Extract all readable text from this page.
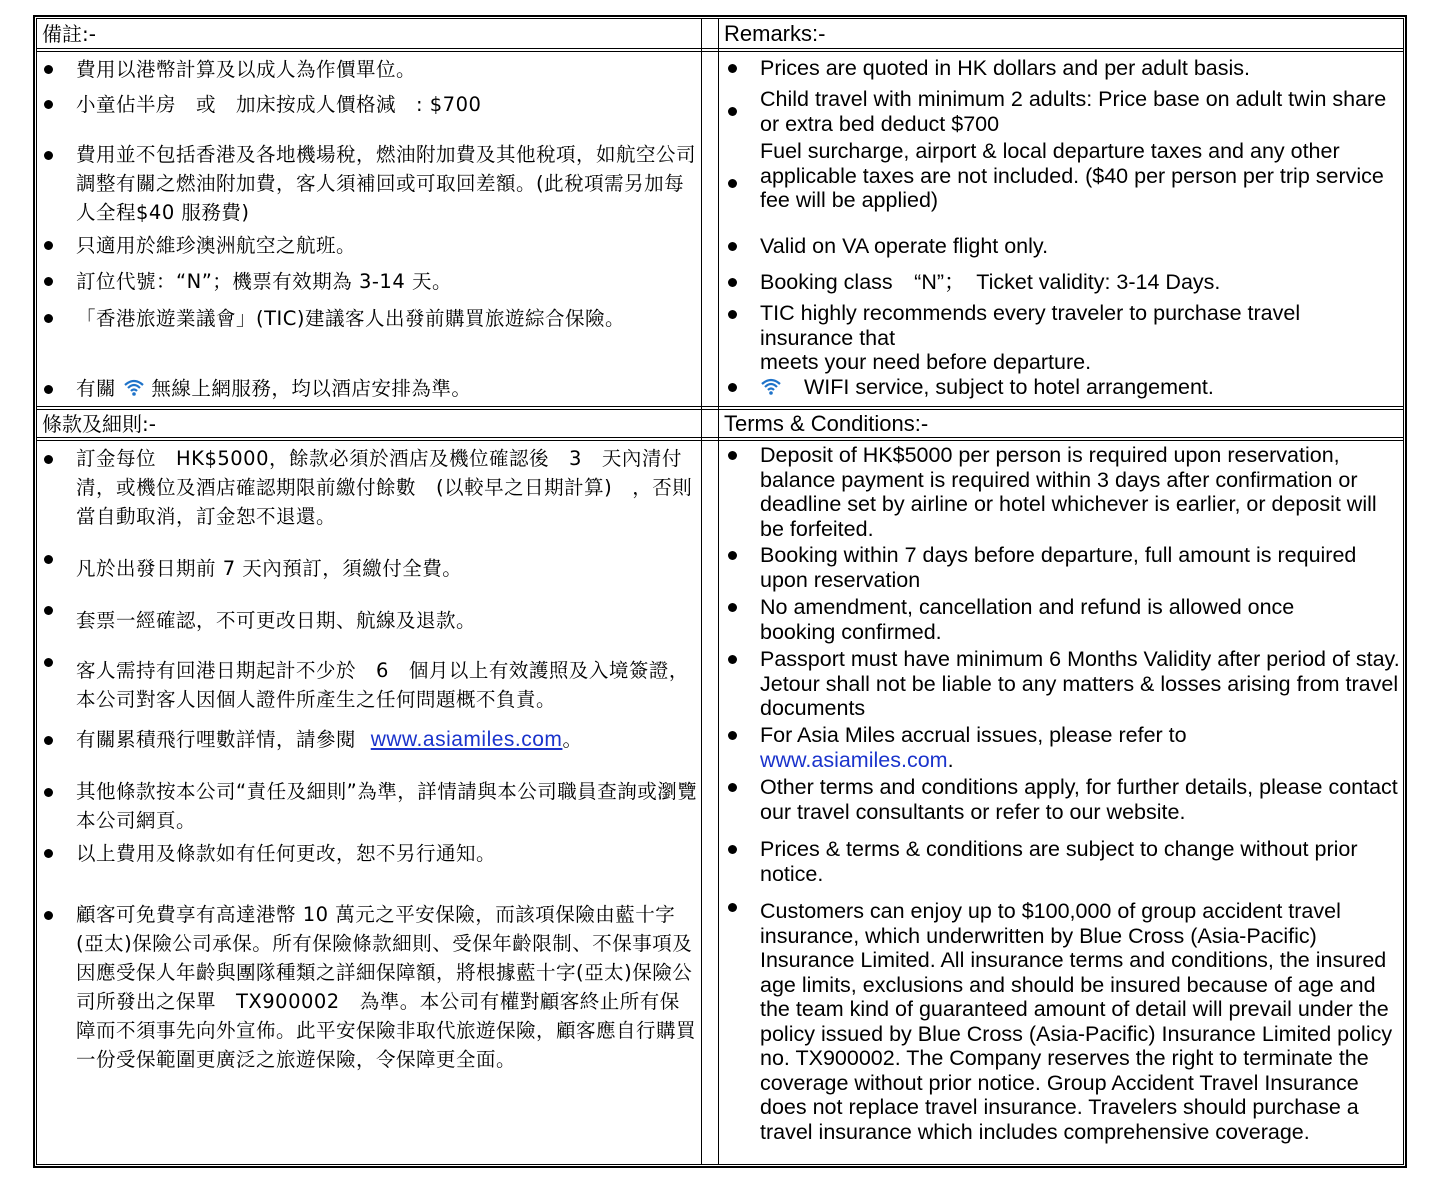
備註:-	Remarks:-
費用以港幣計算及以成人為作價單位。
小童佔半房　或　加床按成人價格減　: $700
費用並不包括香港及各地機場稅，燃油附加費及其他稅項，如航空公司調整有關之燃油附加費，客人須補回或可取回差額。(此稅項需另加每人全程$40 服務費)
只適用於維珍澳洲航空之航班。
訂位代號：“N”；機票有效期為 3-14 天。
「香港旅遊業議會」(TIC)建議客人出發前購買旅遊綜合保險。
有關 無線上網服務，均以酒店安排為準。
Prices are quoted in HK dollars and per adult basis.
Child travel with minimum 2 adults: Price base on adult twin share or extra bed deduct $700
Fuel surcharge, airport & local departure taxes and any other applicable taxes are not included. ($40 per person per trip service fee will be applied)
Valid on VA operate flight only.
Booking class　“N”；　Ticket validity: 3-14 Days.
TIC highly recommends every traveler to purchase travel insurance that
meets your need before departure.
WIFI service, subject to hotel arrangement.
條款及細則:-	Terms & Conditions:-
訂金每位　HK$5000，餘款必須於酒店及機位確認後　3　天內清付清，或機位及酒店確認期限前繳付餘數　(以較早之日期計算)　，否則當自動取消，訂金恕不退還。
凡於出發日期前 7 天內預訂，須繳付全費。
套票一經確認，不可更改日期、航線及退款。
客人需持有回港日期起計不少於　6　個月以上有效護照及入境簽證，本公司對客人因個人證件所產生之任何問題概不負責。
有關累積飛行哩數詳情，請參閱 www.asiamiles.com。
其他條款按本公司“責任及細則”為準，詳情請與本公司職員查詢或瀏覽本公司網頁。
以上費用及條款如有任何更改，恕不另行通知。
顧客可免費享有高達港幣 10 萬元之平安保險，而該項保險由藍十字(亞太)保險公司承保。所有保險條款細則、受保年齡限制、不保事項及因應受保人年齡與團隊種類之詳細保障額，將根據藍十字(亞太)保險公司所發出之保單　TX900002　為準。本公司有權對顧客終止所有保障而不須事先向外宣佈。此平安保險非取代旅遊保險，顧客應自行購買一份受保範圍更廣泛之旅遊保險，令保障更全面。
Deposit of HK$5000 per person is required upon reservation, balance payment is required within 3 days after confirmation or deadline set by airline or hotel whichever is earlier, or deposit will be forfeited.
Booking within 7 days before departure, full amount is required upon reservation
No amendment, cancellation and refund is allowed once booking confirmed.
Passport must have minimum 6 Months Validity after period of stay. Jetour shall not be liable to any matters & losses arising from travel documents
For Asia Miles accrual issues, please refer to
www.asiamiles.com.
Other terms and conditions apply, for further details, please contact our travel consultants or refer to our website.
Prices & terms & conditions are subject to change without prior notice.
Customers can enjoy up to $100,000 of group accident travel insurance, which underwritten by Blue Cross (Asia-Pacific) Insurance Limited. All insurance terms and conditions, the insured age limits, exclusions and should be insured because of age and the team kind of guaranteed amount of detail will prevail under the policy issued by Blue Cross (Asia-Pacific) Insurance Limited policy no. TX900002. The Company reserves the right to terminate the coverage without prior notice. Group Accident Travel Insurance does not replace travel insurance. Travelers should purchase a travel insurance which includes comprehensive coverage.
